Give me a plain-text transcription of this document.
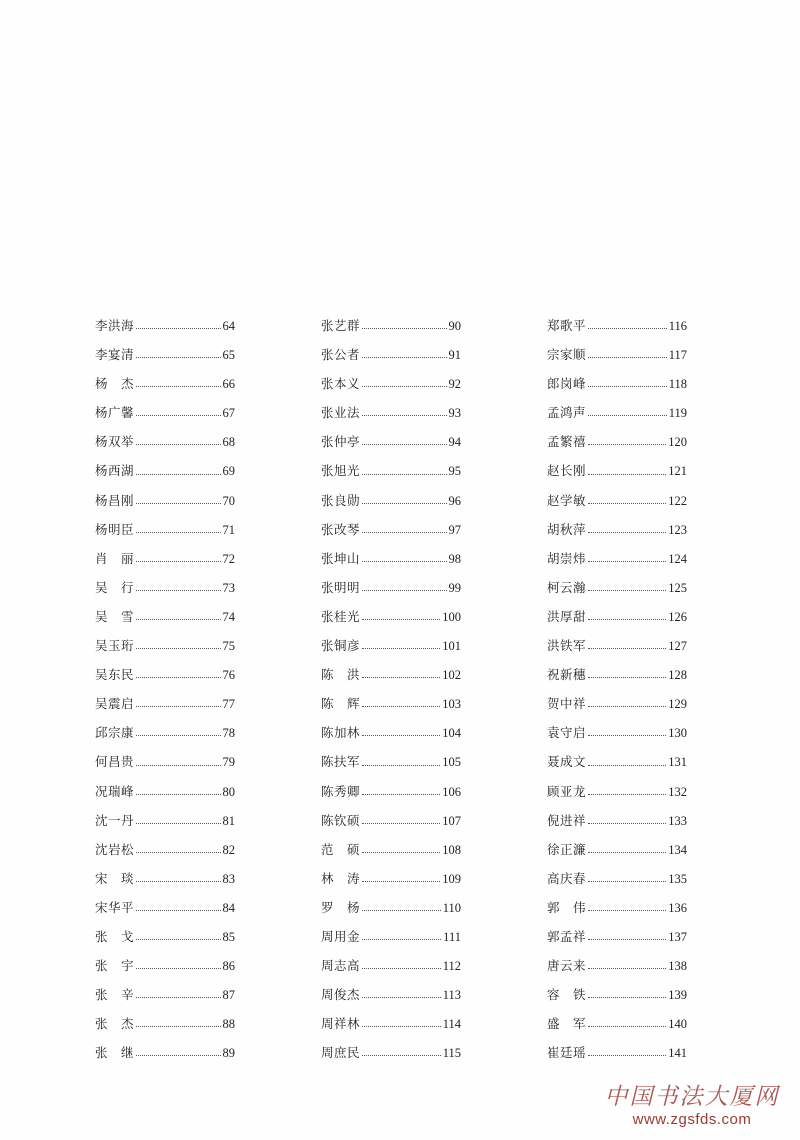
李洪海	64
李宴清	65
杨　杰	66
杨广馨	67
杨双举	68
杨西湖	69
杨昌刚	70
杨明臣	71
肖　丽	72
吴　行	73
吴　雪	74
吴玉珩	75
吴东民	76
吴震启	77
邱宗康	78
何昌贵	79
况瑞峰	80
沈一丹	81
沈岩松	82
宋　琰	83
宋华平	84
张　戈	85
张　宇	86
张　辛	87
张　杰	88
张　继	89
张艺群	90
张公者	91
张本义	92
张业法	93
张仲亭	94
张旭光	95
张良勋	96
张改琴	97
张坤山	98
张明明	99
张桂光	100
张铜彦	101
陈　洪	102
陈　辉	103
陈加林	104
陈扶军	105
陈秀卿	106
陈钦硕	107
范　硕	108
林　涛	109
罗　杨	110
周用金	111
周志高	112
周俊杰	113
周祥林	114
周庶民	115
郑歌平	116
宗家顺	117
郎岗峰	118
孟鸿声	119
孟繁禧	120
赵长刚	121
赵学敏	122
胡秋萍	123
胡崇炜	124
柯云瀚	125
洪厚甜	126
洪铁军	127
祝新穗	128
贺中祥	129
袁守启	130
聂成文	131
顾亚龙	132
倪进祥	133
徐正濂	134
高庆春	135
郭　伟	136
郭孟祥	137
唐云来	138
容　铁	139
盛　军	140
崔廷瑶	141
中国书法大厦网
www.zgsfds.com
